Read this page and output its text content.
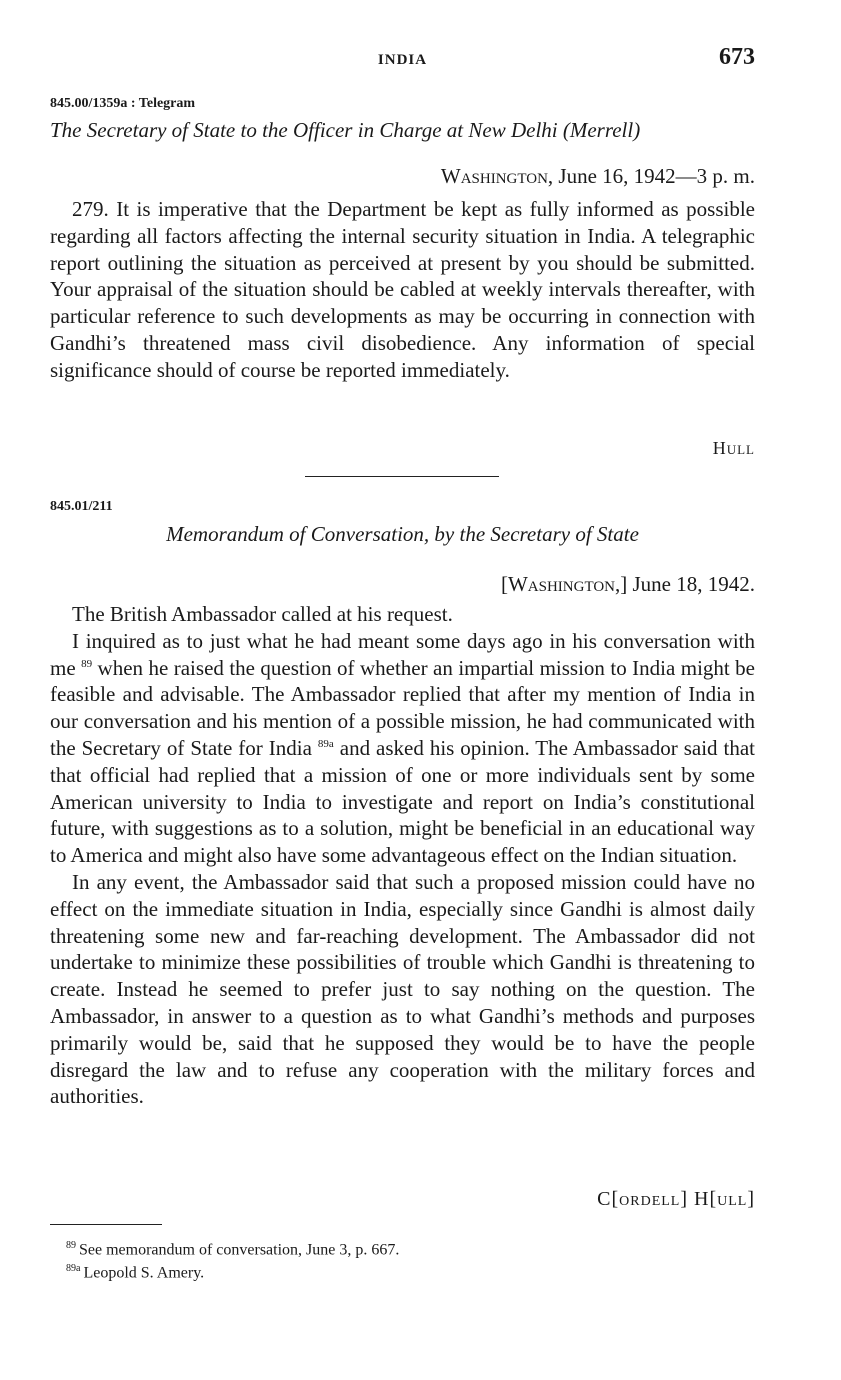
INDIA	673
845.00/1359a : Telegram
The Secretary of State to the Officer in Charge at New Delhi (Merrell)
Washington, June 16, 1942—3 p. m.

279. It is imperative that the Department be kept as fully informed as possible regarding all factors affecting the internal security situation in India. A telegraphic report outlining the situation as perceived at present by you should be submitted. Your appraisal of the situation should be cabled at weekly intervals thereafter, with particular reference to such developments as may be occurring in connection with Gandhi’s threatened mass civil disobedience. Any information of special significance should of course be reported immediately.

Hull
845.01/211
Memorandum of Conversation, by the Secretary of State
[Washington,] June 18, 1942.

The British Ambassador called at his request.

I inquired as to just what he had meant some days ago in his conversation with me $^{89}$ when he raised the question of whether an impartial mission to India might be feasible and advisable. The Ambassador replied that after my mention of India in our conversation and his mention of a possible mission, he had communicated with the Secretary of State for India $^{89a}$ and asked his opinion. The Ambassador said that that official had replied that a mission of one or more individuals sent by some American university to India to investigate and report on India’s constitutional future, with suggestions as to a solution, might be beneficial in an educational way to America and might also have some advantageous effect on the Indian situation.

In any event, the Ambassador said that such a proposed mission could have no effect on the immediate situation in India, especially since Gandhi is almost daily threatening some new and far-reaching development. The Ambassador did not undertake to minimize these possibilities of trouble which Gandhi is threatening to create. Instead he seemed to prefer just to say nothing on the question. The Ambassador, in answer to a question as to what Gandhi’s methods and purposes primarily would be, said that he supposed they would be to have the people disregard the law and to refuse any cooperation with the military forces and authorities.

C[ordell] H[ull]
$^{89}$ See memorandum of conversation, June 3, p. 667.
$^{89a}$ Leopold S. Amery.
